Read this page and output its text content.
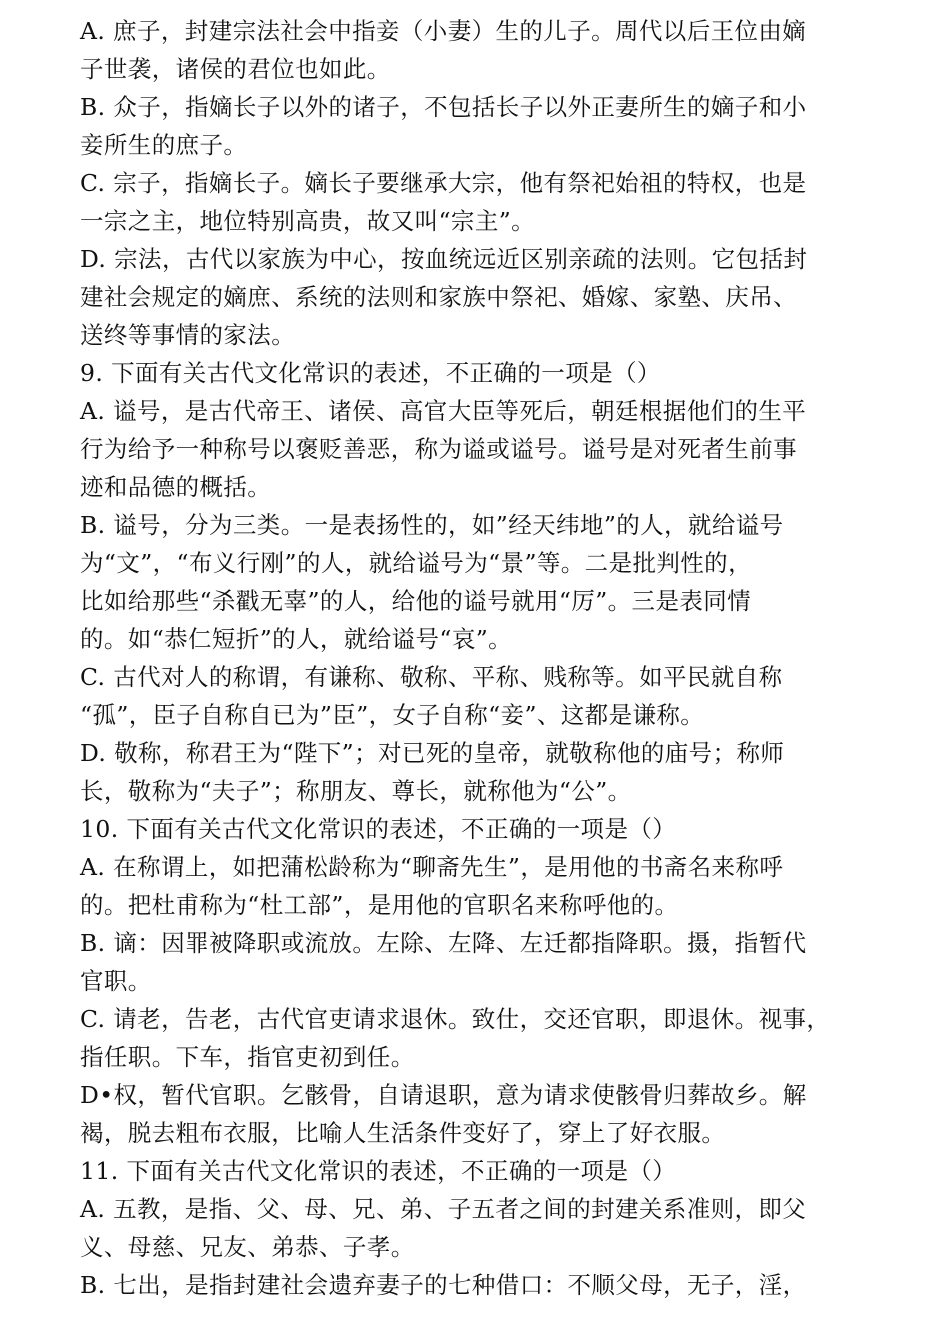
A. 庶子，封建宗法社会中指妾（小妻）生的儿子。周代以后王位由嫡
子世袭，诸侯的君位也如此。
B. 众子，指嫡长子以外的诸子，不包括长子以外正妻所生的嫡子和小
妾所生的庶子。
C. 宗子，指嫡长子。嫡长子要继承大宗，他有祭祀始祖的特权，也是
一宗之主，地位特别高贵，故又叫“宗主”。
D. 宗法，古代以家族为中心，按血统远近区别亲疏的法则。它包括封
建社会规定的嫡庶、系统的法则和家族中祭祀、婚嫁、家塾、庆吊、
送终等事情的家法。
9. 下面有关古代文化常识的表述，不正确的一项是（）
A. 谥号，是古代帝王、诸侯、高官大臣等死后，朝廷根据他们的生平
行为给予一种称号以褒贬善恶，称为谥或谥号。谥号是对死者生前事
迹和品德的概括。
B. 谥号，分为三类。一是表扬性的，如”经天纬地”的人，就给谥号
为“文”，“布义行刚”的人，就给谥号为“景”等。二是批判性的，
比如给那些“杀戳无辜”的人，给他的谥号就用“厉”。三是表同情
的。如“恭仁短折”的人，就给谥号“哀”。
C. 古代对人的称谓，有谦称、敬称、平称、贱称等。如平民就自称
“孤”，臣子自称自已为”臣”，女子自称“妾”、这都是谦称。
D. 敬称，称君王为“陛下”；对已死的皇帝，就敬称他的庙号；称师
长，敬称为“夫子”；称朋友、尊长，就称他为“公”。
10. 下面有关古代文化常识的表述，不正确的一项是（）
A. 在称谓上，如把蒲松龄称为“聊斋先生”，是用他的书斋名来称呼
的。把杜甫称为“杜工部”，是用他的官职名来称呼他的。
B. 谪：因罪被降职或流放。左除、左降、左迁都指降职。摄，指暂代
官职。
C. 请老，告老，古代官吏请求退休。致仕，交还官职，即退休。视事，
指任职。下车，指官吏初到任。
D•权，暂代官职。乞骸骨，自请退职，意为请求使骸骨归葬故乡。解
褐，脱去粗布衣服，比喻人生活条件变好了，穿上了好衣服。
11. 下面有关古代文化常识的表述，不正确的一项是（）
A. 五教，是指、父、母、兄、弟、子五者之间的封建关系准则，即父
义、母慈、兄友、弟恭、子孝。
B. 七出，是指封建社会遗弃妻子的七种借口：不顺父母，无子，淫，
